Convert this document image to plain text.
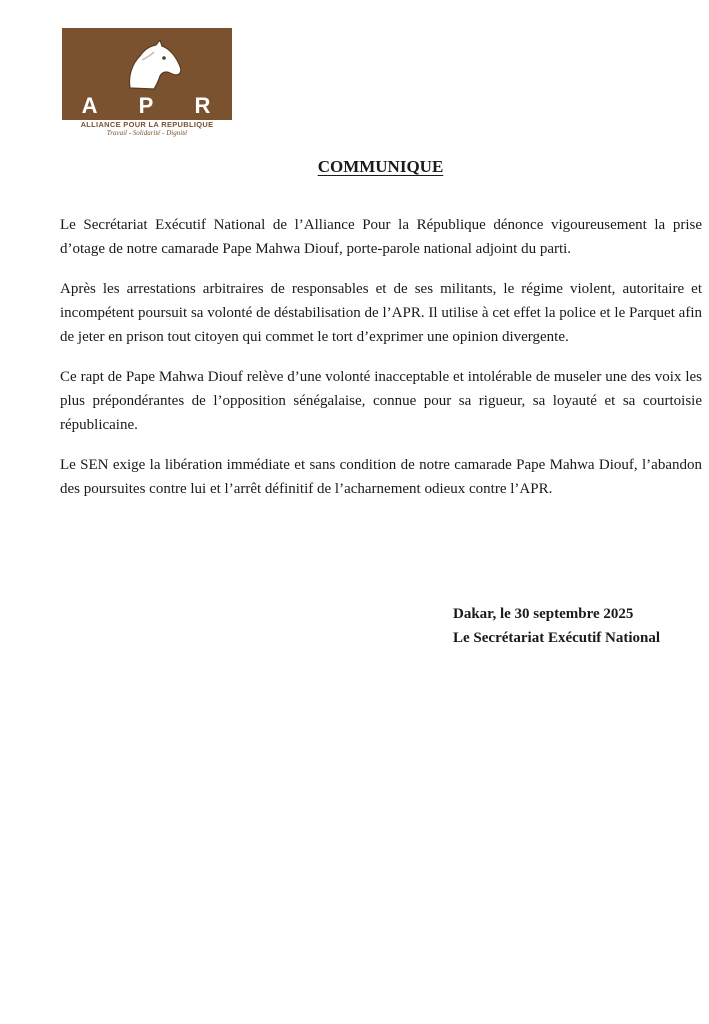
A P R
ALLIANCE POUR LA REPUBLIQUE
Travail - Solidarité - Dignité
COMMUNIQUE

Le Secrétariat Exécutif National de l’Alliance Pour la République dénonce vigoureusement la prise d’otage de notre camarade Pape Mahwa Diouf, porte-parole national adjoint du parti.

Après les arrestations arbitraires de responsables et de ses militants, le régime violent, autoritaire et incompétent poursuit sa volonté de déstabilisation de l’APR. Il utilise à cet effet la police et le Parquet afin de jeter en prison tout citoyen qui commet le tort d’exprimer une opinion divergente.

Ce rapt de Pape Mahwa Diouf relève d’une volonté inacceptable et intolérable de museler une des voix les plus prépondérantes de l’opposition sénégalaise, connue pour sa rigueur, sa loyauté et sa courtoisie républicaine.

Le SEN exige la libération immédiate et sans condition de notre camarade Pape Mahwa Diouf, l’abandon des poursuites contre lui et l’arrêt définitif de l’acharnement odieux contre l’APR.

Dakar, le 30 septembre 2025
Le Secrétariat Exécutif National
